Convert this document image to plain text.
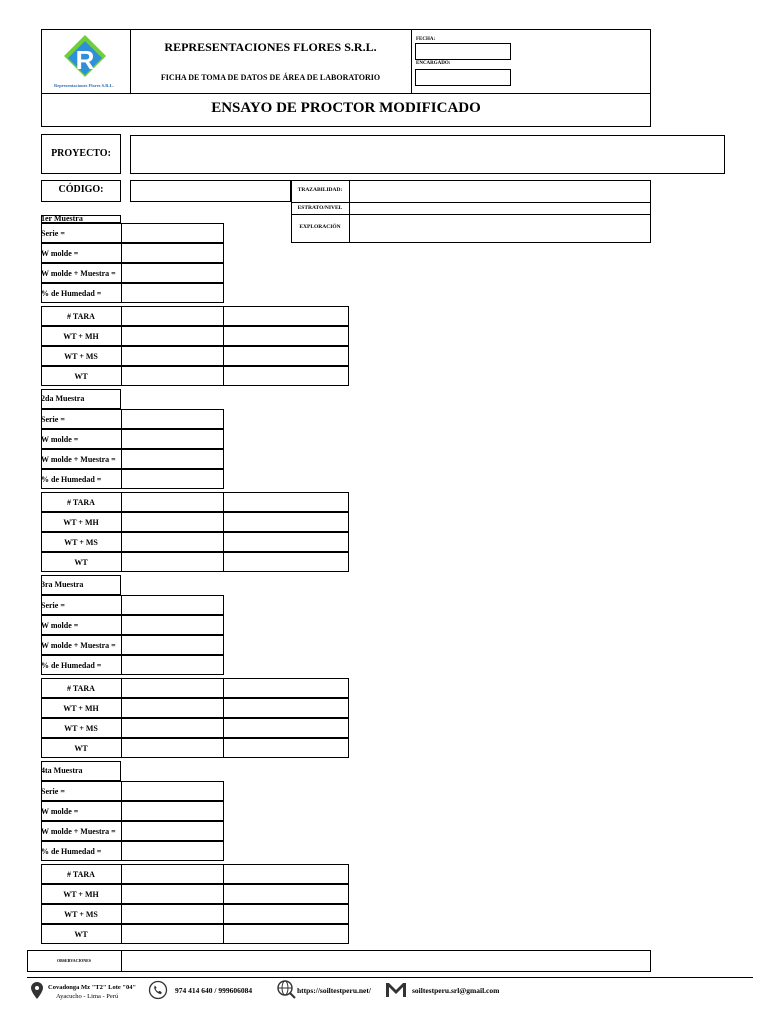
R
Representaciones Flores S.R.L.
REPRESENTACIONES FLORES S.R.L.
FICHA DE TOMA DE DATOS DE ÁREA DE LABORATORIO
FECHA:
ENCARGADO:
ENSAYO DE PROCTOR MODIFICADO
PROYECTO:
CÓDIGO:	TRAZABILIDAD:
ESTRATO/NIVEL
EXPLORACIÓN
1er Muestra
Serie =
W molde =
W molde + Muestra =
% de Humedad =
# TARA
WT + MH
WT + MS
WT
2da Muestra
Serie =
W molde =
W molde + Muestra =
% de Humedad =
# TARA
WT + MH
WT + MS
WT
3ra Muestra
Serie =
W molde =
W molde + Muestra =
% de Humedad =
# TARA
WT + MH
WT + MS
WT
4ta Muestra
Serie =
W molde =
W molde + Muestra =
% de Humedad =
# TARA
WT + MH
WT + MS
WT
OBSERVACIONES
Covadonga Mz "T2" Lote "04"
Ayacucho - Lima - Perú
974 414 640 / 999606084	https://soiltestperu.net/	soiltestperu.srl@gmail.com
